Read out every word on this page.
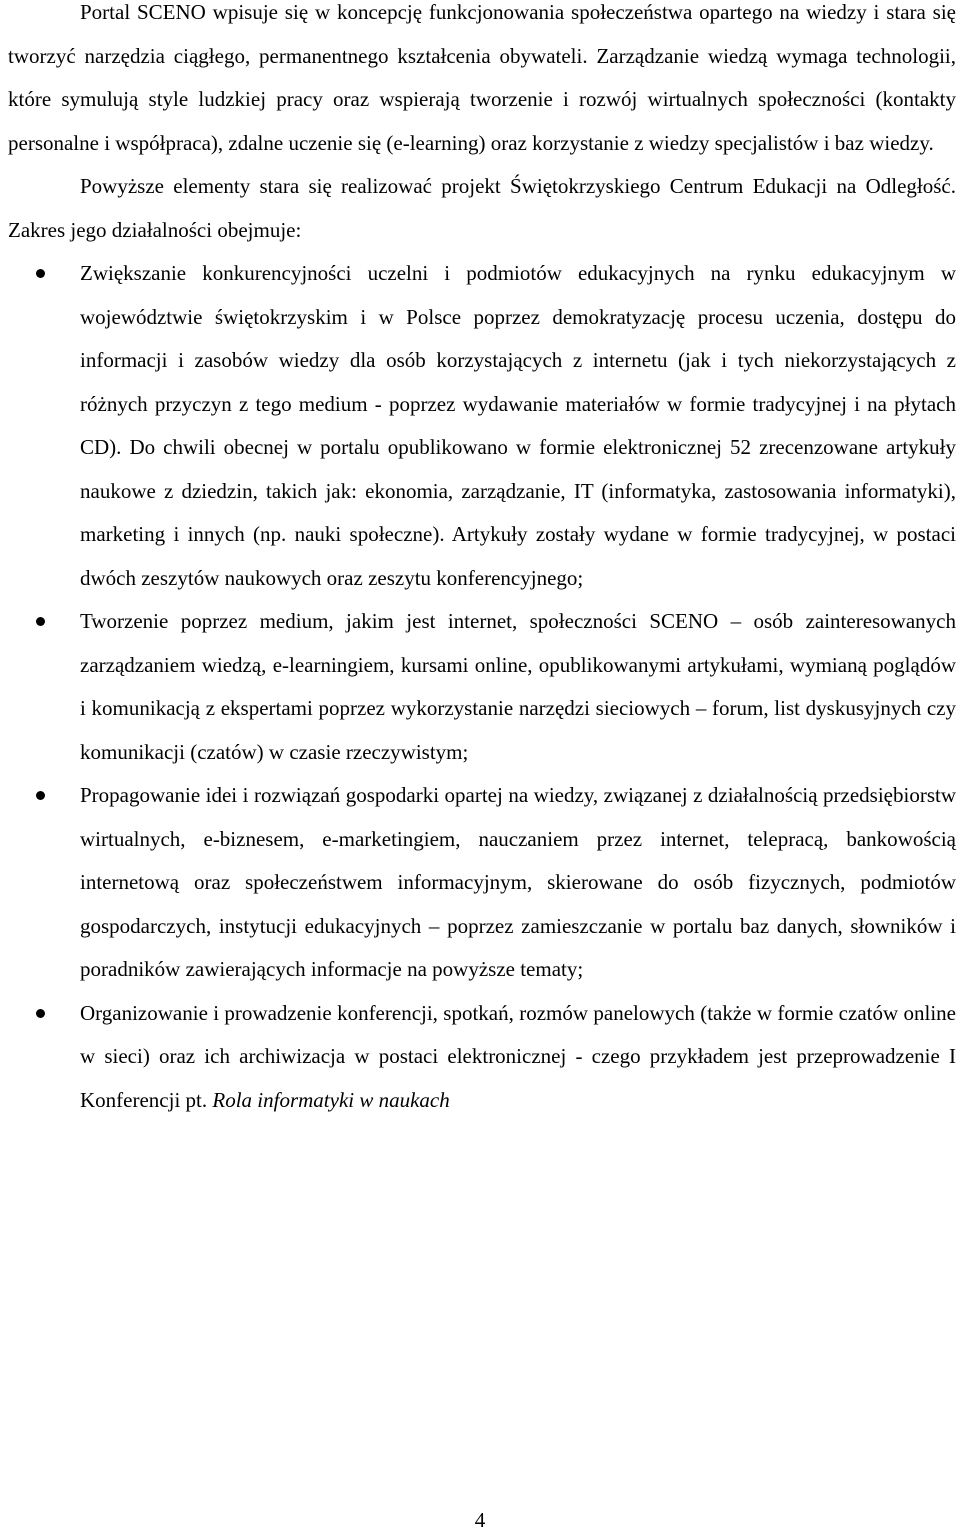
Portal SCENO wpisuje się w koncepcję funkcjonowania społeczeństwa opartego na wiedzy i stara się tworzyć narzędzia ciągłego, permanentnego kształcenia obywateli. Zarządzanie wiedzą wymaga technologii, które symulują style ludzkiej pracy oraz wspierają tworzenie i rozwój wirtualnych społeczności (kontakty personalne i współpraca), zdalne uczenie się (e-learning) oraz korzystanie z wiedzy specjalistów i baz wiedzy.

Powyższe elementy stara się realizować projekt Świętokrzyskiego Centrum Edukacji na Odległość. Zakres jego działalności obejmuje:

Zwiększanie konkurencyjności uczelni i podmiotów edukacyjnych na rynku edukacyjnym w województwie świętokrzyskim i w Polsce poprzez demokratyzację procesu uczenia, dostępu do informacji i zasobów wiedzy dla osób korzystających z internetu (jak i tych niekorzystających z różnych przyczyn z tego medium - poprzez wydawanie materiałów w formie tradycyjnej i na płytach CD). Do chwili obecnej w portalu opublikowano w formie elektronicznej 52 zrecenzowane artykuły naukowe z dziedzin, takich jak: ekonomia, zarządzanie, IT (informatyka, zastosowania informatyki), marketing i innych (np. nauki społeczne). Artykuły zostały wydane w formie tradycyjnej, w postaci dwóch zeszytów naukowych oraz zeszytu konferencyjnego;
Tworzenie poprzez medium, jakim jest internet, społeczności SCENO – osób zainteresowanych zarządzaniem wiedzą, e-learningiem, kursami online, opublikowanymi artykułami, wymianą poglądów i komunikacją z ekspertami poprzez wykorzystanie narzędzi sieciowych – forum, list dyskusyjnych czy komunikacji (czatów) w czasie rzeczywistym;
Propagowanie idei i rozwiązań gospodarki opartej na wiedzy, związanej z działalnością przedsiębiorstw wirtualnych, e-biznesem, e-marketingiem, nauczaniem przez internet, telepracą, bankowością internetową oraz społeczeństwem informacyjnym, skierowane do osób fizycznych, podmiotów gospodarczych, instytucji edukacyjnych – poprzez zamieszczanie w portalu baz danych, słowników i poradników zawierających informacje na powyższe tematy;
Organizowanie i prowadzenie konferencji, spotkań, rozmów panelowych (także w formie czatów online w sieci) oraz ich archiwizacja w postaci elektronicznej - czego przykładem jest przeprowadzenie I Konferencji pt. Rola informatyki w naukach
4
